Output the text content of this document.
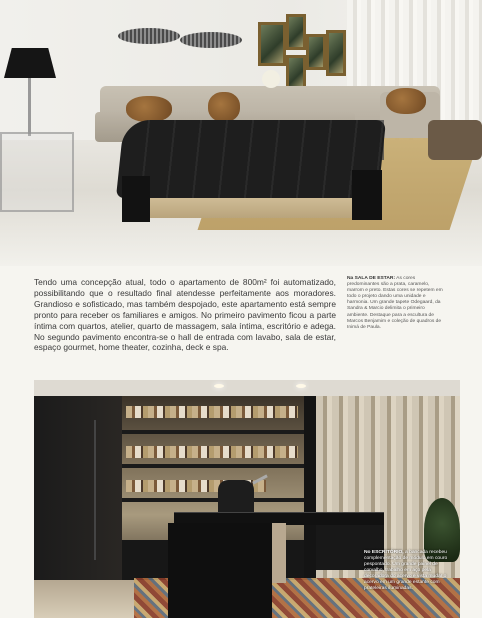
Tendo uma concepção atual, todo o apartamento de 800m² foi automatizado, possibilitando que o resultado final atendesse perfeitamente aos moradores. Grandioso e sofisticado, mas também despojado, este apartamento está sempre pronto para receber os familiares e amigos. No primeiro pavimento ficou a parte íntima com quartos, atelier, quarto de massagem, sala íntima, escritório e adega. No segundo pavimento encontra-se o hall de entrada com lavabo, sala de estar, espaço gourmet, home theater, cozinha, deck e spa.

Na SALA DE ESTAR: As cores predominantes são a prata, caramelo, marrom e preto. Estas cores se repetem em todo o projeto dando uma unidade e harmonia. Um grande tapete Odegaard, da Sandra & Marcio delimita o primeiro ambiente. Destaque para a escultura de Marcos Benjamim e coleção de quadros de Inimá de Paula.

No ESCRITÓRIO, a bancada recebeu complementação de módulo em couro pespontado. Um grande painel de corvalho, trabalho em aço pela decoradora do acervo e vista mudar o acervo em um grande estante com prateleiras iluminadas.
